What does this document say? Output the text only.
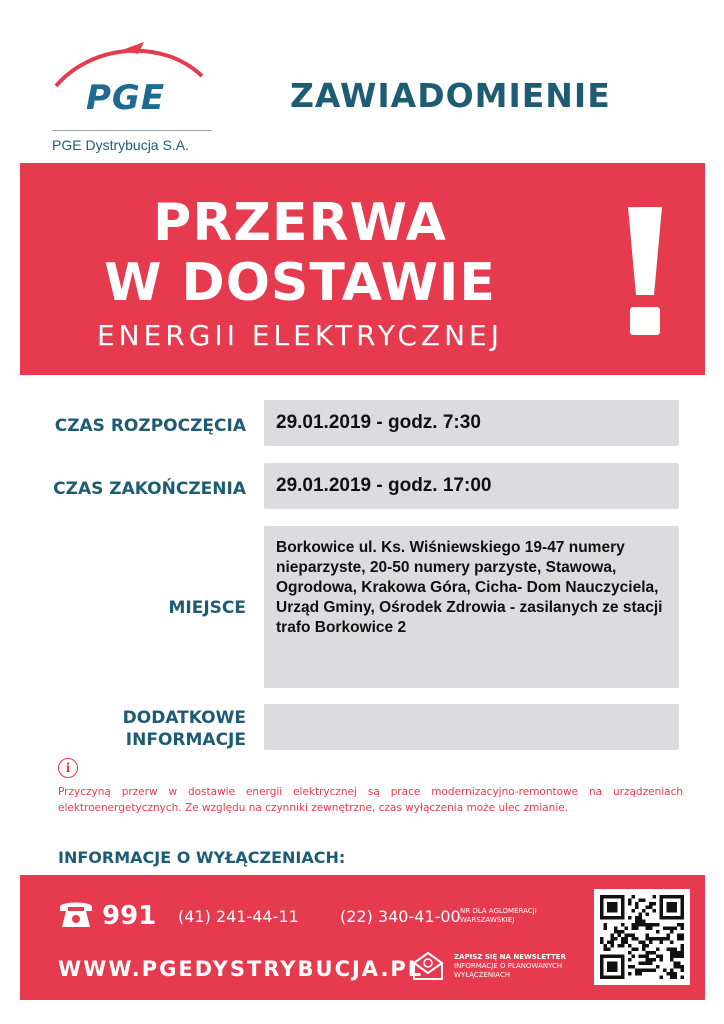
PGE
PGE Dystrybucja S.A.
ZAWIADOMIENIE
PRZERWA
W DOSTAWIE
ENERGII ELEKTRYCZNEJ
CZAS ROZPOCZĘCIA 29.01.2019 - godz. 7:30
CZAS ZAKOŃCZENIA 29.01.2019 - godz. 17:00
MIEJSCE
Borkowice ul. Ks. Wiśniewskiego 19-47 numery nieparzyste, 20-50 numery parzyste, Stawowa, Ogrodowa, Krakowa Góra, Cicha- Dom Nauczyciela, Urząd Gminy, Ośrodek Zdrowia - zasilanych ze stacji trafo Borkowice 2
DODATKOWE
INFORMACJE
i
Przyczyną przerw w dostawie energii elektrycznej są prace modernizacyjno-remontowe na urządzeniach elektroenergetycznych. Ze względu na czynniki zewnętrzne, czas wyłączenia może ulec zmianie.
INFORMACJE O WYŁĄCZENIACH:
991 (41) 241-44-11	(22) 340-41-00 NR DLA AGLOMERACJI WARSZAWSKIEJ
WWW.PGEDYSTRYBUCJA.PL	ZAPISZ SIĘ NA NEWSLETTER
INFORMACJE O PLANOWANYCH WYŁĄCZENIACH
